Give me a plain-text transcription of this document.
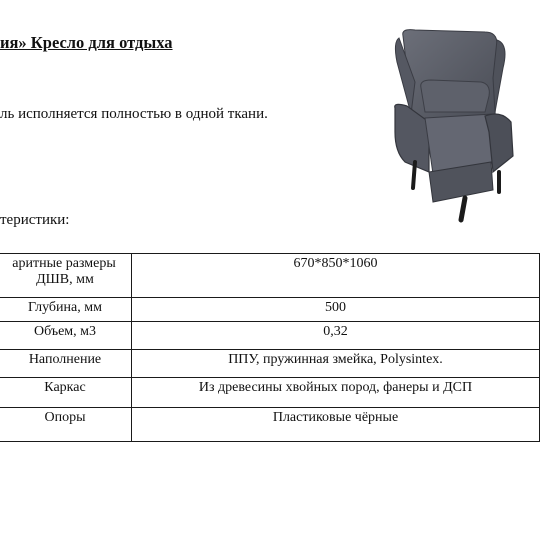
ия» Кресло для отдыха
ль исполняется полностью в одной ткани.
теристики:
аритные размеры
ДШВ, мм	670*850*1060
Глубина, мм	500
Объем, м3	0,32
Наполнение	ППУ, пружинная змейка, Polysintex.
Каркас	Из древесины хвойных пород, фанеры и ДСП
Опоры	Пластиковые чёрные
